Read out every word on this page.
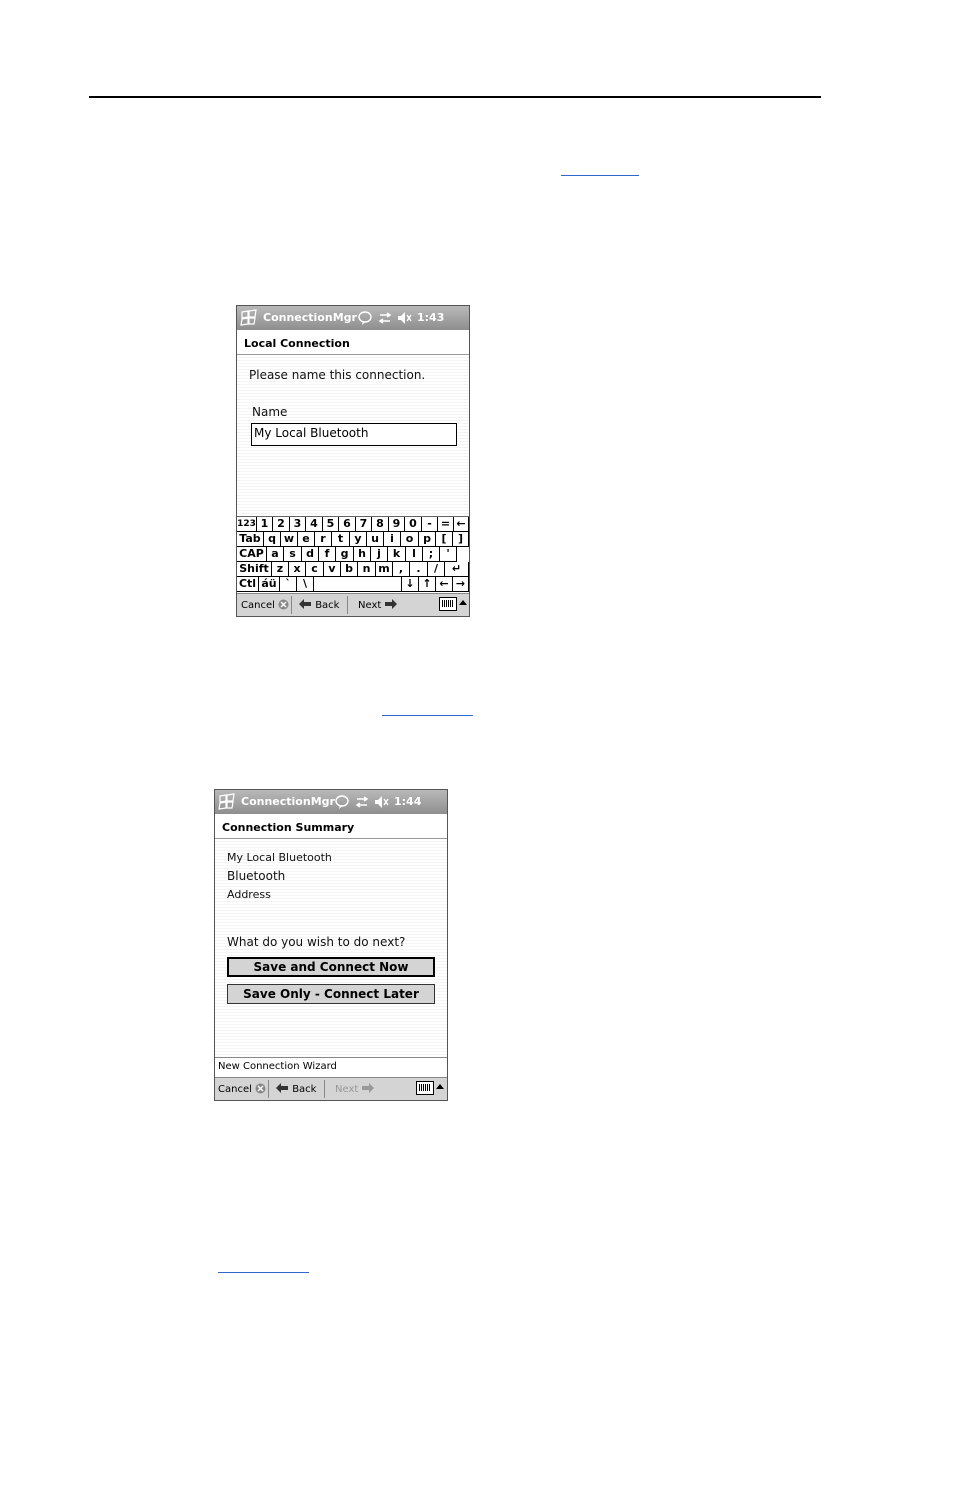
ConnectionMgr	1:43
Local Connection
Please name this connection.
Name
My Local Bluetooth
123 1 2 3 4 5 6 7 8 9 0 - = ←
Tab q w e r	t	y u	i	o p [	]
CAP a s d f	g h	j	k	l	;	'
Shift z x c v b n m ,	.	/	↵
Ctl áü `	\	↓ ↑ ← →
Cancel	Back Next
ConnectionMgr	1:44
Connection Summary
My Local Bluetooth
Bluetooth
Address
What do you wish to do next?
Save and Connect Now
Save Only - Connect Later
New Connection Wizard
Cancel	Back Next
